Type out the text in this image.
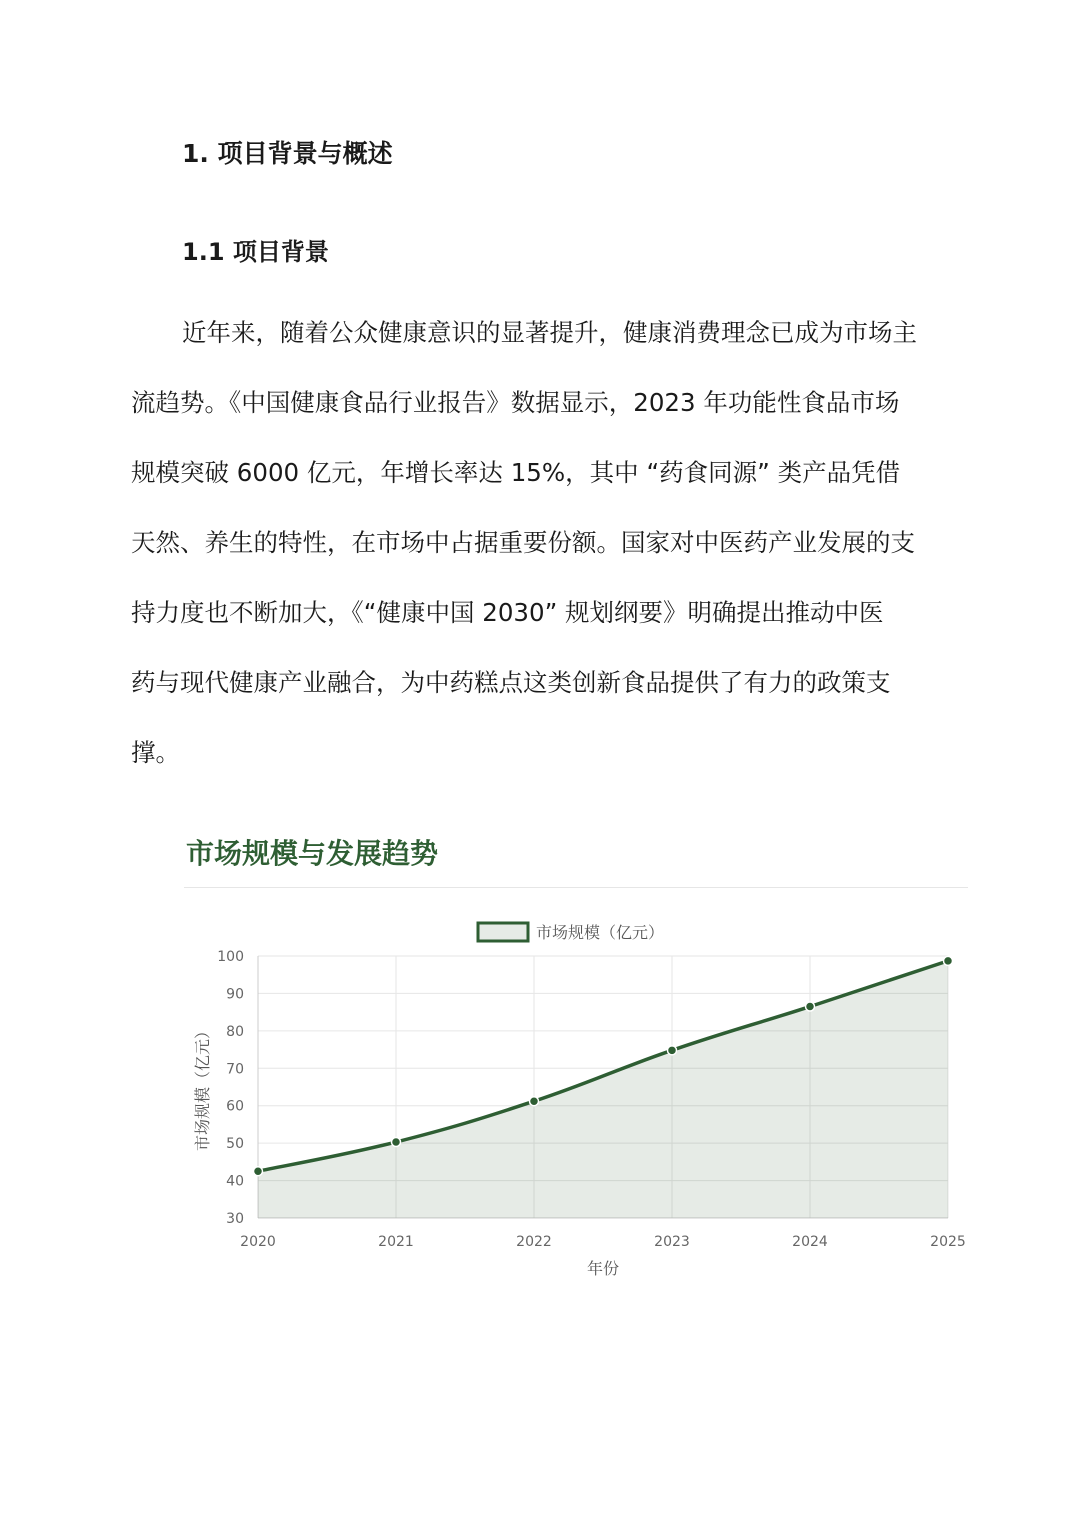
1. 项目背景与概述
1.1 项目背景
近年来，随着公众健康意识的显著提升，健康消费理念已成为市场主
流趋势。《中国健康食品行业报告》数据显示，2023 年功能性食品市场
规模突破 6000 亿元，年增长率达 15%，其中 “药食同源” 类产品凭借
天然、养生的特性，在市场中占据重要份额。国家对中医药产业发展的支
持力度也不断加大，《“健康中国 2030” 规划纲要》明确提出推动中医
药与现代健康产业融合，为中药糕点这类创新食品提供了有力的政策支
撑。
市场规模与发展趋势
30
40
50
60
70
80
90
100
2020	2021	2022	2023	2024	2025
市场规模（亿元）
年份
市场规模（亿元）
